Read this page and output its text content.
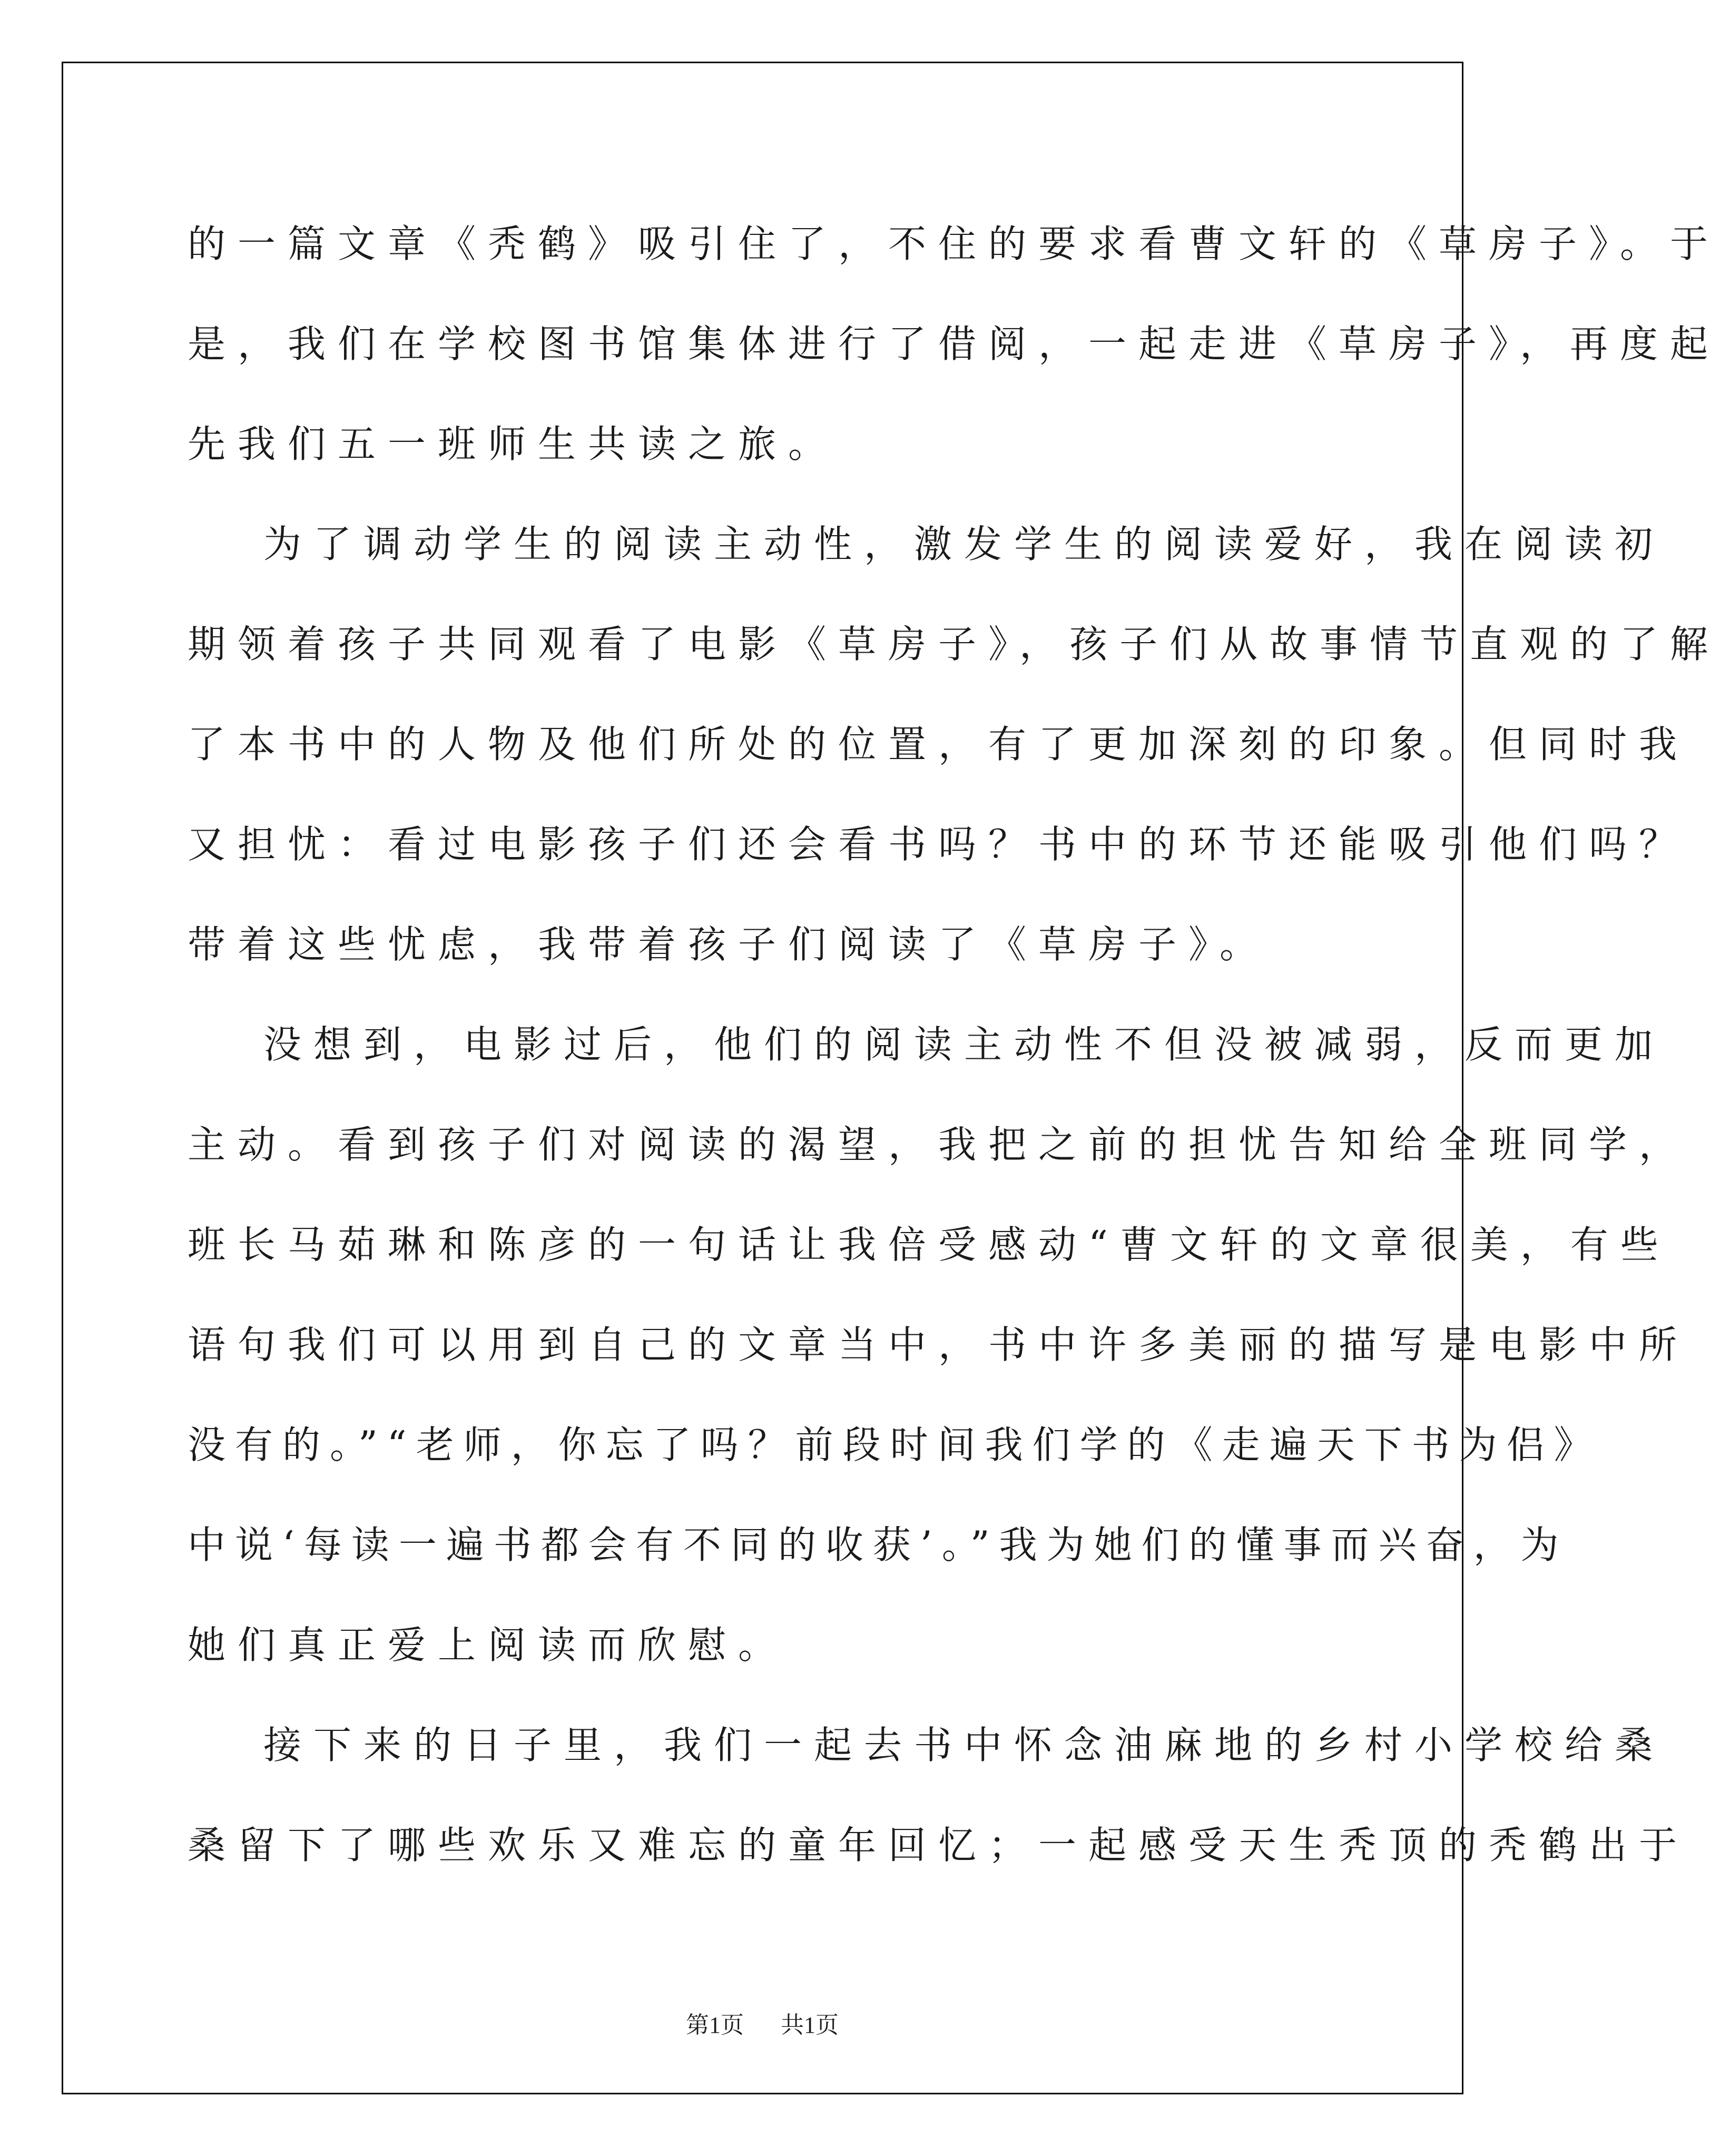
的一篇文章《秃鹤》吸引住了，不住的要求看曹文轩的《草房子》。于
是，我们在学校图书馆集体进行了借阅，一起走进《草房子》，再度起
先我们五一班师生共读之旅。
为了调动学生的阅读主动性，激发学生的阅读爱好，我在阅读初
期领着孩子共同观看了电影《草房子》，孩子们从故事情节直观的了解
了本书中的人物及他们所处的位置，有了更加深刻的印象。但同时我
又担忧：看过电影孩子们还会看书吗？书中的环节还能吸引他们吗？
带着这些忧虑，我带着孩子们阅读了《草房子》。
没想到，电影过后，他们的阅读主动性不但没被减弱，反而更加
主动。看到孩子们对阅读的渴望，我把之前的担忧告知给全班同学，
班长马茹琳和陈彦的一句话让我倍受感动“曹文轩的文章很美，有些
语句我们可以用到自己的文章当中，书中许多美丽的描写是电影中所
没有的。”“老师，你忘了吗？前段时间我们学的《走遍天下书为侣》
中说‘每读一遍书都会有不同的收获’。”我为她们的懂事而兴奋，为
她们真正爱上阅读而欣慰。
接下来的日子里，我们一起去书中怀念油麻地的乡村小学校给桑
桑留下了哪些欢乐又难忘的童年回忆；一起感受天生秃顶的秃鹤出于
第1页 共1页
